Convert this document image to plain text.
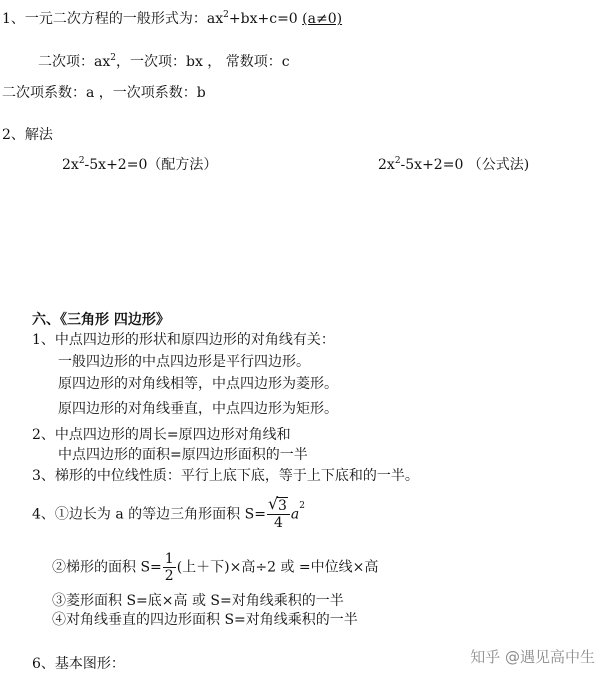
1、一元二次方程的一般形式为：$ax^2+bx+c=0$ (a≠0)
二次项：$ax^2$，一次项：bx ， 常数项：c
二次项系数：a ，一次项系数：b
2、解法
$2x^2-5x+2=0$（配方法）	$2x^2-5x+2=0$ （公式法)
六、《三角形 四边形》
1、中点四边形的形状和原四边形的对角线有关：
一般四边形的中点四边形是平行四边形。
原四边形的对角线相等，中点四边形为菱形。
原四边形的对角线垂直，中点四边形为矩形。
2、中点四边形的周长=原四边形对角线和
中点四边形的面积=原四边形面积的一半
3、梯形的中位线性质：平行上底下底，等于上下底和的一半。
4、①边长为 a 的等边三角形面积 $S= \frac{√ 3}{4} a^2$
②梯形的面积 $S= \frac{1}{2}$ (上＋下)×高÷2 或 =中位线×高
③菱形面积 S=底×高 或 S=对角线乘积的一半
④对角线垂直的四边形面积 S=对角线乘积的一半
6、基本图形：	知乎 @遇见高中生
